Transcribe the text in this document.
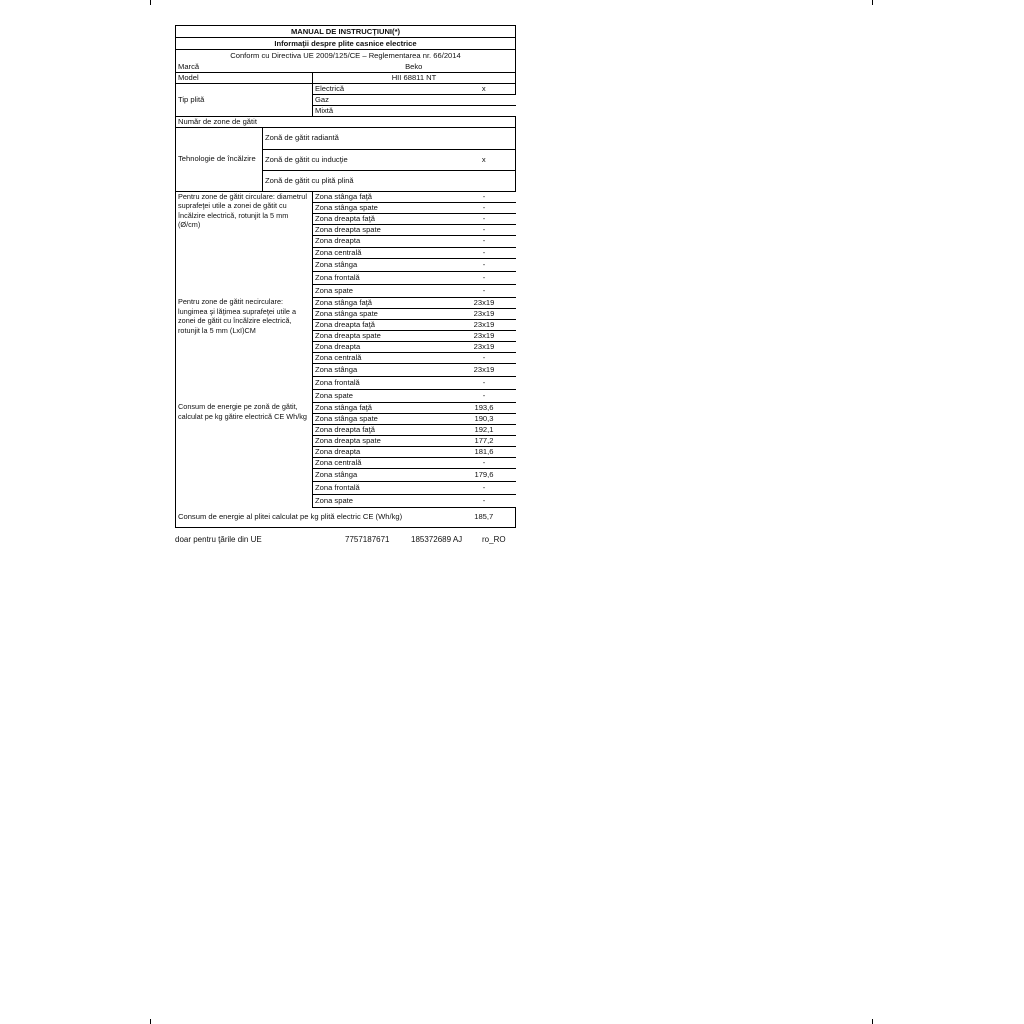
MANUAL DE INSTRUCŢIUNI(*)			
Informaţii despre plite casnice electrice			
Conform cu Directiva UE 2009/125/CE – Reglementarea nr. 66/2014			
Marcă		Beko	
Model		HII 68811 NT	
Tip plită		Electrică	x
		Gaz	
		Mixtă	
Număr de zone de gătit			
Tehnologie de încălzire	Zonă de gătit radiantă		
	Zonă de gătit cu inducţie		x
	Zonă de gătit cu plită plină		
Pentru zone de gătit circulare: diametrul suprafeţei utile a zonei de gătit cu încălzire electrică, rotunjit la 5 mm (Ø/cm)		Zona stânga faţă	-
		Zona stânga spate	-
		Zona dreapta faţă	-
		Zona dreapta spate	-
		Zona dreapta	-
		Zona centrală	-
		Zona stânga	-
		Zona frontală	-
		Zona spate	-
Pentru zone de gătit necirculare: lungimea şi lăţimea suprafeţei utile a zonei de gătit cu încălzire electrică, rotunjit la 5 mm (LxI)CM		Zona stânga faţă	23x19
		Zona stânga spate	23x19
		Zona dreapta faţă	23x19
		Zona dreapta spate	23x19
		Zona dreapta	23x19
		Zona centrală	-
		Zona stânga	23x19
		Zona frontală	-
		Zona spate	-
Consum de energie pe zonă de gătit, calculat pe kg gătire electrică CE Wh/kg		Zona stânga faţă	193,6
		Zona stânga spate	190,3
		Zona dreapta faţă	192,1
		Zona dreapta spate	177,2
		Zona dreapta	181,6
		Zona centrală	-
		Zona stânga	179,6
		Zona frontală	-
		Zona spate	-
Consum de energie al plitei calculat pe kg plită electric CE (Wh/kg)			185,7
doar pentru ţările din UE	7757187671	185372689 AJ ro_RO
